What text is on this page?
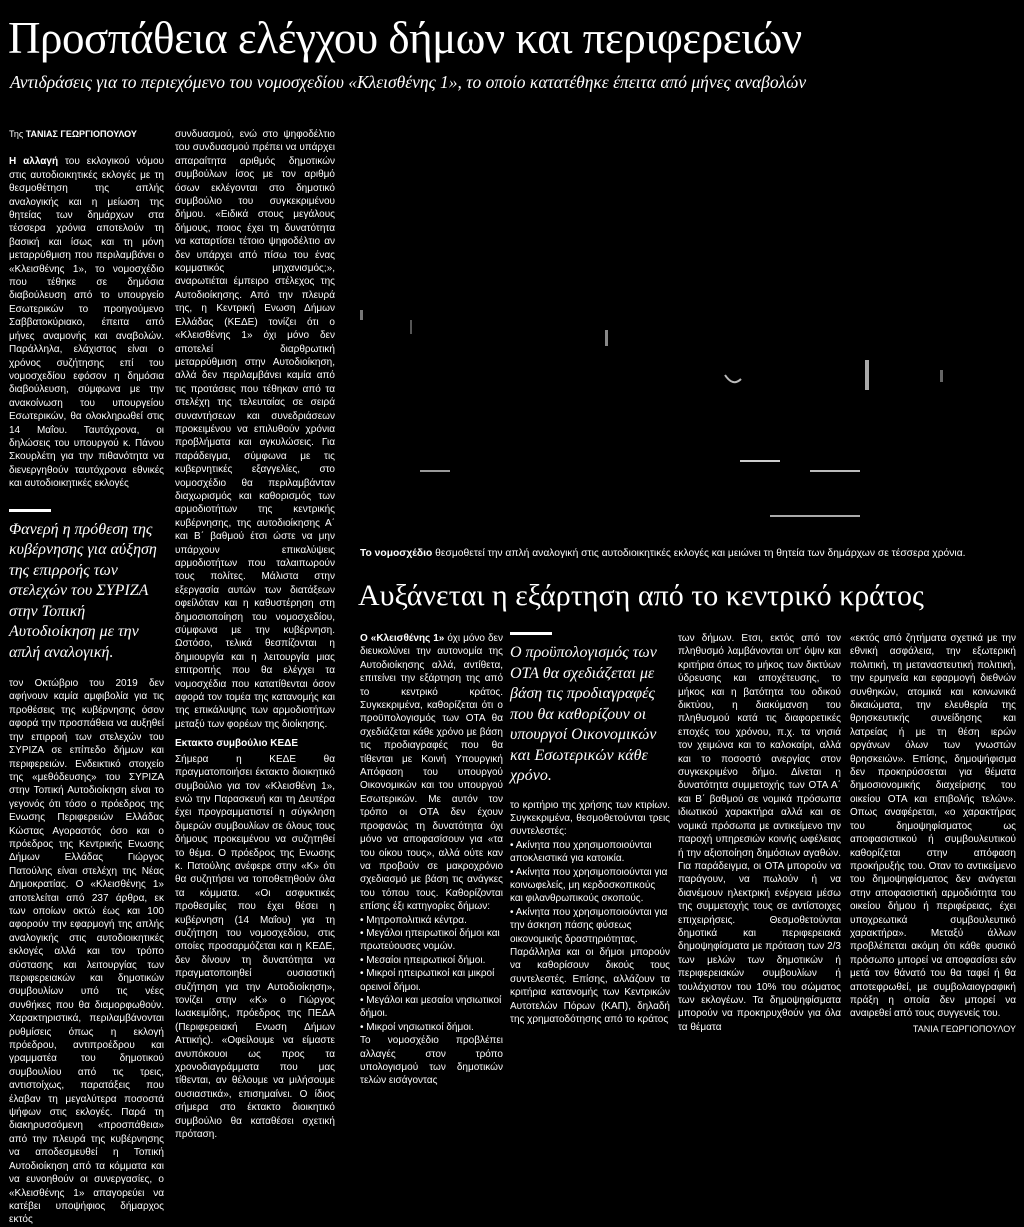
Προσπάθεια ελέγχου δήμων και περιφερειών
Αντιδράσεις για το περιεχόμενο του νομοσχεδίου «Κλεισθένης 1», το οποίο κατατέθηκε έπειτα από μήνες αναβολών
Της ΤΑΝΙΑΣ ΓΕΩΡΓΙΟΠΟΥΛΟΥ

Η αλλαγή του εκλογικού νόμου στις αυτοδιοικητικές εκλογές με τη θεσμοθέτηση της απλής αναλογικής και η μείωση της θητείας των δημάρχων στα τέσσερα χρόνια αποτελούν τη βασική και ίσως και τη μόνη μεταρρύθμιση που περιλαμβάνει ο «Κλεισθένης 1», το νομοσχέδιο που τέθηκε σε δημόσια διαβούλευση από το υπουργείο Εσωτερικών το προηγούμενο Σαββατοκύριακο, έπειτα από μήνες αναμονής και αναβολών. Παράλληλα, ελάχιστος είναι ο χρόνος συζήτησης επί του νομοσχεδίου εφόσον η δημόσια διαβούλευση, σύμφωνα με την ανακοίνωση του υπουργείου Εσωτερικών, θα ολοκληρωθεί στις 14 Μαΐου. Ταυτόχρονα, οι δηλώσεις του υπουργού κ. Πάνου Σκουρλέτη για την πιθανότητα να διενεργηθούν ταυτόχρονα εθνικές και αυτοδιοικητικές εκλογές

Φανερή η πρόθεση της κυβέρνησης για αύξηση της επιρροής των στελεχών του ΣΥΡΙΖΑ στην Τοπική Αυτοδιοίκηση με την απλή αναλογική.

τον Οκτώβριο του 2019 δεν αφήνουν καμία αμφιβολία για τις προθέσεις της κυβέρνησης όσον αφορά την προσπάθεια να αυξηθεί την επιρροή των στελεχών του ΣΥΡΙΖΑ σε επίπεδο δήμων και περιφερειών. Ενδεικτικό στοιχείο της «μεθόδευσης» του ΣΥΡΙΖΑ στην Τοπική Αυτοδιοίκηση είναι το γεγονός ότι τόσο ο πρόεδρος της Ενωσης Περιφερειών Ελλάδας Κώστας Αγοραστός όσο και ο πρόεδρος της Κεντρικής Ενωσης Δήμων Ελλάδας Γιώργος Πατούλης είναι στελέχη της Νέας Δημοκρατίας. Ο «Κλεισθένης 1» αποτελείται από 237 άρθρα, εκ των οποίων οκτώ έως και 100 αφορούν την εφαρμογή της απλής αναλογικής στις αυτοδιοικητικές εκλογές αλλά και τον τρόπο σύστασης και λειτουργίας των περιφερειακών και δημοτικών συμβουλίων υπό τις νέες συνθήκες που θα διαμορφωθούν. Χαρακτηριστικά, περιλαμβάνονται ρυθμίσεις όπως η εκλογή πρόεδρου, αντιπροέδρου και γραμματέα του δημοτικού συμβουλίου από τις τρεις, αντιστοίχως, παρατάξεις που έλαβαν τη μεγαλύτερα ποσοστά ψήφων στις εκλογές. Παρά τη διακηρυσσόμενη «προσπάθεια» από την πλευρά της κυβέρνησης να αποδεσμευθεί η Τοπική Αυτοδιοίκηση από τα κόμματα και να ευνοηθούν οι συνεργασίες, ο «Κλεισθένης 1» απαγορεύει να κατέβει υποψήφιος δήμαρχος εκτός

συνδυασμού, ενώ στο ψηφοδέλτιο του συνδυασμού πρέπει να υπάρχει απαραίτητα αριθμός δημοτικών συμβούλων ίσος με τον αριθμό όσων εκλέγονται στο δημοτικό συμβούλιο του συγκεκριμένου δήμου. «Ειδικά στους μεγάλους δήμους, ποιος έχει τη δυνατότητα να καταρτίσει τέτοιο ψηφοδέλτιο αν δεν υπάρχει από πίσω του ένας κομματικός μηχανισμός;», αναρωτιέται έμπειρο στέλεχος της Αυτοδιοίκησης. Από την πλευρά της, η Κεντρική Ενωση Δήμων Ελλάδας (ΚΕΔΕ) τονίζει ότι ο «Κλεισθένης 1» όχι μόνο δεν αποτελεί διαρθρωτική μεταρρύθμιση στην Αυτοδιοίκηση, αλλά δεν περιλαμβάνει καμία από τις προτάσεις που τέθηκαν από τα στελέχη της τελευταίας σε σειρά συναντήσεων και συνεδριάσεων προκειμένου να επιλυθούν χρόνια προβλήματα και αγκυλώσεις. Για παράδειγμα, σύμφωνα με τις κυβερνητικές εξαγγελίες, στο νομοσχέδιο θα περιλαμβάνταν διαχωρισμός και καθορισμός των αρμοδιοτήτων της κεντρικής κυβέρνησης, της αυτοδιοίκησης Α΄ και Β΄ βαθμού έτσι ώστε να μην υπάρχουν επικαλύψεις αρμοδιοτήτων που ταλαιπωρούν τους πολίτες. Μάλιστα στην εξεργασία αυτών των διατάξεων οφείλόταν και η καθυστέρηση στη δημοσιοποίηση του νομοσχεδίου, σύμφωνα με την κυβέρνηση. Ωστόσο, τελικά θεσπίζονται η δημιουργία και η λειτουργία μιας επιτροπής που θα ελέγχει τα νομοσχέδια που κατατίθενται όσον αφορά τον τομέα της κατανομής και της επικάλυψης των αρμοδιοτήτων μεταξύ των φορέων της διοίκησης.

Εκτακτο συμβούλιο ΚΕΔΕ

Σήμερα η ΚΕΔΕ θα πραγματοποιήσει έκτακτο διοικητικό συμβούλιο για τον «Κλεισθένη 1», ενώ την Παρασκευή και τη Δευτέρα έχει προγραμματιστεί η σύγκληση διμερών συμβουλίων σε όλους τους δήμους προκειμένου να συζητηθεί το θέμα. Ο πρόεδρος της Ενωσης κ. Πατούλης ανέφερε στην «Κ» ότι θα συζητήσει να τοποθετηθούν όλα τα κόμματα. «Οι ασφυκτικές προθεσμίες που έχει θέσει η κυβέρνηση (14 Μαΐου) για τη συζήτηση του νομοσχεδίου, στις οποίες προσαρμόζεται και η ΚΕΔΕ, δεν δίνουν τη δυνατότητα να πραγματοποιηθεί ουσιαστική συζήτηση για την Αυτοδιοίκηση», τονίζει στην «Κ» ο Γιώργος Ιωακειμίδης, πρόεδρος της ΠΕΔΑ (Περιφερειακή Ενωση Δήμων Αττικής). «Οφείλουμε να είμαστε ανυπόκουοι ως προς τα χρονοδιαγράμματα που μας τίθενται, αν θέλουμε να μιλήσουμε ουσιαστικά», επισημαίνει. Ο ίδιος σήμερα στο έκτακτο διοικητικό συμβούλιο θα καταθέσει σχετική πρόταση.

Το νομοσχέδιο θεσμοθετεί την απλή αναλογική στις αυτοδιοικητικές εκλογές και μειώνει τη θητεία των δημάρχων σε τέσσερα χρόνια.
Αυξάνεται η εξάρτηση από το κεντρικό κράτος

Ο «Κλεισθένης 1» όχι μόνο δεν διευκολύνει την αυτονομία της Αυτοδιοίκησης αλλά, αντίθετα, επιτείνει την εξάρτηση της από το κεντρικό κράτος. Συγκεκριμένα, καθορίζεται ότι ο προϋπολογισμός των ΟΤΑ θα σχεδιάζεται κάθε χρόνο με βάση τις προδιαγραφές που θα τίθενται με Κοινή Υπουργική Απόφαση του υπουργού Οικονομικών και του υπουργού Εσωτερικών. Με αυτόν τον τρόπο οι ΟΤΑ δεν έχουν προφανώς τη δυνατότητα όχι μόνο να αποφασίσουν για «τα του οίκου τους», αλλά ούτε καν να προβούν σε μακροχρόνιο σχεδιασμό με βάση τις ανάγκες του τόπου τους. Καθορίζονται επίσης έξι κατηγορίες δήμων:

• Μητροπολιτικά κέντρα.
• Μεγάλοι ηπειρωτικοί δήμοι και πρωτεύουσες νομών.
• Μεσαίοι ηπειρωτικοί δήμοι.
• Μικροί ηπειρωτικοί και μικροί ορεινοί δήμοι.
• Μεγάλοι και μεσαίοι νησιωτικοί δήμοι.
• Μικροί νησιωτικοί δήμοι.

Το νομοσχέδιο προβλέπει αλλαγές στον τρόπο υπολογισμού των δημοτικών τελών εισάγοντας

Ο προϋπολογισμός των ΟΤΑ θα σχεδιάζεται με βάση τις προδιαγραφές που θα καθορίζουν οι υπουργοί Οικονομικών και Εσωτερικών κάθε χρόνο.

το κριτήριο της χρήσης των κτιρίων. Συγκεκριμένα, θεσμοθετούνται τρεις συντελεστές:

• Ακίνητα που χρησιμοποιούνται αποκλειστικά για κατοικία.
• Ακίνητα που χρησιμοποιούνται για κοινωφελείς, μη κερδοσκοπικούς και φιλανθρωπικούς σκοπούς.
• Ακίνητα που χρησιμοποιούνται για την άσκηση πάσης φύσεως οικονομικής δραστηριότητας.

Παράλληλα και οι δήμοι μπορούν να καθορίσουν δικούς τους συντελεστές. Επίσης, αλλάζουν τα κριτήρια κατανομής των Κεντρικών Αυτοτελών Πόρων (ΚΑΠ), δηλαδή της χρηματοδότησης από το κράτος

των δήμων. Ετσι, εκτός από τον πληθυσμό λαμβάνονται υπ' όψιν και κριτήρια όπως το μήκος των δικτύων ύδρευσης και αποχέτευσης, το μήκος και η βατότητα του οδικού δικτύου, η διακύμανση του πληθυσμού κατά τις διαφορετικές εποχές του χρόνου, π.χ. τα νησιά τον χειμώνα και το καλοκαίρι, αλλά και το ποσοστό ανεργίας στον συγκεκριμένο δήμο. Δίνεται η δυνατότητα συμμετοχής των ΟΤΑ Α΄ και Β΄ βαθμού σε νομικά πρόσωπα ιδιωτικού χαρακτήρα αλλά και σε νομικά πρόσωπα με αντικείμενο την παροχή υπηρεσιών κοινής ωφέλειας ή την αξιοποίηση δημόσιων αγαθών. Για παράδειγμα, οι ΟΤΑ μπορούν να παράγουν, να πωλούν ή να διανέμουν ηλεκτρική ενέργεια μέσω της συμμετοχής τους σε αντίστοιχες επιχειρήσεις. Θεσμοθετούνται δημοτικά και περιφερειακά δημοψηφίσματα με πρόταση των 2/3 των μελών των δημοτικών ή περιφερειακών συμβουλίων ή τουλάχιστον του 10% του σώματος των εκλογέων. Τα δημοψηφίσματα μπορούν να προκηρυχθούν για όλα τα θέματα

«εκτός από ζητήματα σχετικά με την εθνική ασφάλεια, την εξωτερική πολιτική, τη μεταναστευτική πολιτική, την ερμηνεία και εφαρμογή διεθνών συνθηκών, ατομικά και κοινωνικά δικαιώματα, την ελευθερία της θρησκευτικής συνείδησης και λατρείας ή με τη θέση ιερών οργάνων όλων των γνωστών θρησκειών». Επίσης, δημοψήφισμα δεν προκηρύσσεται για θέματα δημοσιονομικής διαχείρισης του οικείου ΟΤΑ και επιβολής τελών». Οπως αναφέρεται, «ο χαρακτήρας του δημοψηφίσματος ως αποφασιστικού ή συμβουλευτικού καθορίζεται στην απόφαση προκήρυξής του. Οταν το αντικείμενο του δημοψηφίσματος δεν ανάγεται στην αποφασιστική αρμοδιότητα του οικείου δήμου ή περιφέρειας, έχει υποχρεωτικά συμβουλευτικό χαρακτήρα». Μεταξύ άλλων προβλέπεται ακόμη ότι κάθε φυσικό πρόσωπο μπορεί να αποφασίσει εάν μετά τον θάνατό του θα ταφεί ή θα αποτεφρωθεί, με συμβολαιογραφική πράξη η οποία δεν μπορεί να αναιρεθεί από τους συγγενείς του.

ΤΑΝΙΑ ΓΕΩΡΓΙΟΠΟΥΛΟΥ
